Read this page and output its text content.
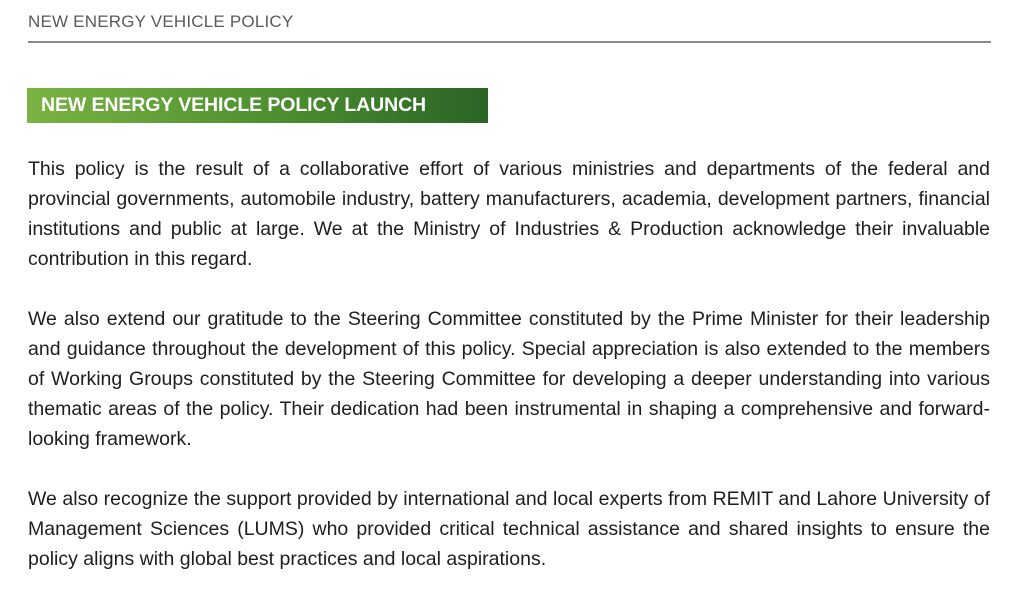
NEW ENERGY VEHICLE POLICY
NEW ENERGY VEHICLE POLICY LAUNCH

This policy is the result of a collaborative effort of various ministries and departments of the federal and provincial governments, automobile industry, battery manufacturers, academia, development partners, financial institutions and public at large. We at the Ministry of Industries & Production acknowledge their invaluable contribution in this regard.

We also extend our gratitude to the Steering Committee constituted by the Prime Minister for their leadership and guidance throughout the development of this policy. Special appreciation is also extended to the members of Working Groups constituted by the Steering Committee for developing a deeper understanding into various thematic areas of the policy. Their dedication had been instrumental in shaping a comprehensive and forward-looking framework.

We also recognize the support provided by international and local experts from REMIT and Lahore University of Management Sciences (LUMS) who provided critical technical assistance and shared insights to ensure the policy aligns with global best practices and local aspirations.
